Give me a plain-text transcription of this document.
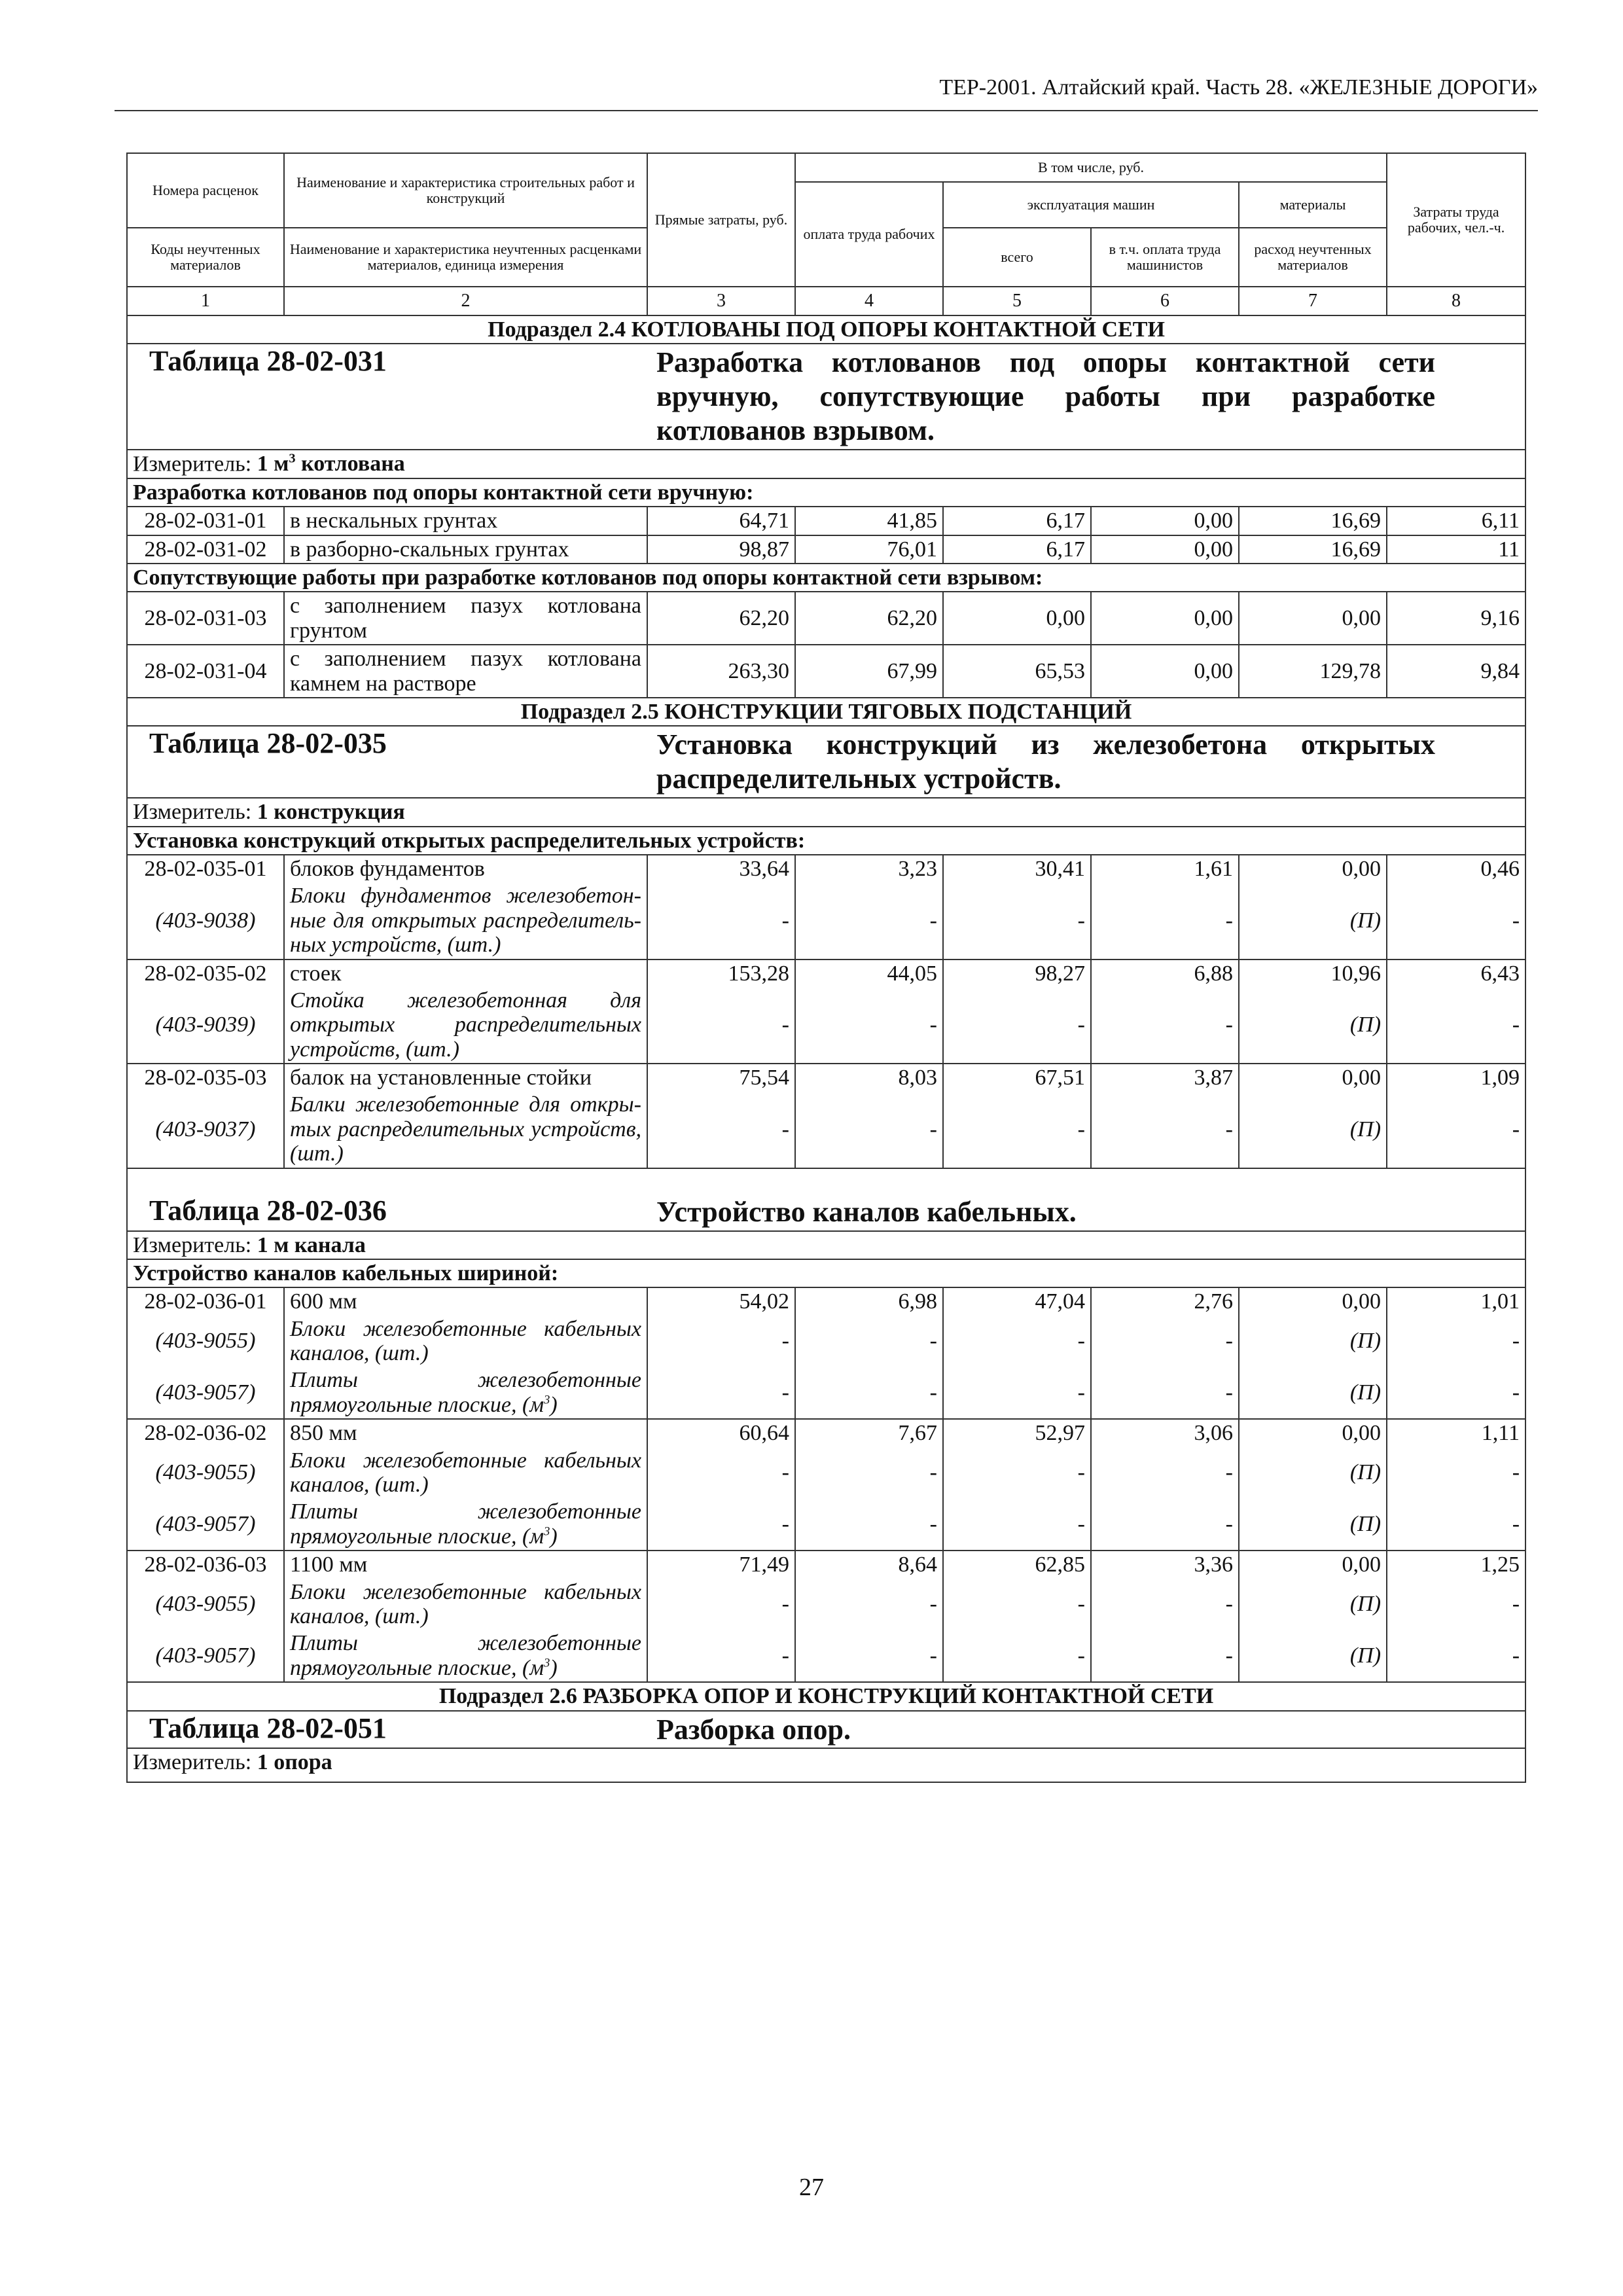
ТЕР-2001. Алтайский край. Часть 28. «ЖЕЛЕЗНЫЕ ДОРОГИ»
Номера расценок	Наименование и характеристика строительных работ и конструкций	Прямые затраты, руб.	В том числе, руб.				Затраты труда рабочих, чел.-ч.
			оплата труда рабочих	эксплуатация машин		материалы	
Коды неучтенных материалов	Наименование и характеристика неучтенных расценками материалов, единица измерения			всего	в т.ч. оплата труда машинистов	расход неучтенных материалов	
1	2	3	4	5	6	7	8
Подраздел 2.4 КОТЛОВАНЫ ПОД ОПОРЫ КОНТАКТНОЙ СЕТИ							

Таблица 28-02-031 Разработка котлованов под опоры контактной сети вручную, сопутствующие работы при разработке котлованов взрывом.							

Измеритель: 1 $м^3$ котлована							
Разработка котлованов под опоры контактной сети вручную:							
28-02-031-01	в нескальных грунтах	64,71	41,85	6,17	0,00	16,69	6,11
28-02-031-02	в разборно-скальных грунтах	98,87	76,01	6,17	0,00	16,69	11
Сопутствующие работы при разработке котлованов под опоры контактной сети взрывом:							
28-02-031-03	с заполнением пазух котлована грунтом	62,20	62,20	0,00	0,00	0,00	9,16
28-02-031-04	с заполнением пазух котлована камнем на растворе	263,30	67,99	65,53	0,00	129,78	9,84
Подраздел 2.5 КОНСТРУКЦИИ ТЯГОВЫХ ПОДСТАНЦИЙ							

Таблица 28-02-035 Установка конструкций из железобетона открытых распределительных устройств.							

Измеритель: 1 конструкция							
Установка конструкций открытых распределительных устройств:							
28-02-035-01	блоков фундаментов	33,64	3,23	30,41	1,61	0,00	0,46
(403-9038)	Блоки фундаментов железобетонные для открытых распределительных устройств, (шт.)	-	-	-	-	(П)	-
28-02-035-02	стоек	153,28	44,05	98,27	6,88	10,96	6,43
(403-9039)	Стойка железобетонная для открытых распределительных устройств, (шт.)	-	-	-	-	(П)	-
28-02-035-03	балок на установленные стойки	75,54	8,03	67,51	3,87	0,00	1,09
(403-9037)	Балки железобетонные для открытых распределительных устройств, (шт.)	-	-	-	-	(П)	-

Таблица 28-02-036 Устройство каналов кабельных.							

Измеритель: 1 м канала							
Устройство каналов кабельных шириной:							
28-02-036-01	600 мм	54,02	6,98	47,04	2,76	0,00	1,01
(403-9055)	Блоки железобетонные кабельных каналов, (шт.)	-	-	-	-	(П)	-
(403-9057)	Плиты железобетонные прямоугольные плоские, $(м^3)$	-	-	-	-	(П)	-
28-02-036-02	850 мм	60,64	7,67	52,97	3,06	0,00	1,11
(403-9055)	Блоки железобетонные кабельных каналов, (шт.)	-	-	-	-	(П)	-
(403-9057)	Плиты железобетонные прямоугольные плоские, $(м^3)$	-	-	-	-	(П)	-
28-02-036-03	1100 мм	71,49	8,64	62,85	3,36	0,00	1,25
(403-9055)	Блоки железобетонные кабельных каналов, (шт.)	-	-	-	-	(П)	-
(403-9057)	Плиты железобетонные прямоугольные плоские, $(м^3)$	-	-	-	-	(П)	-
Подраздел 2.6 РАЗБОРКА ОПОР И КОНСТРУКЦИЙ КОНТАКТНОЙ СЕТИ							

Таблица 28-02-051 Разборка опор.							

Измеритель: 1 опора							
27
